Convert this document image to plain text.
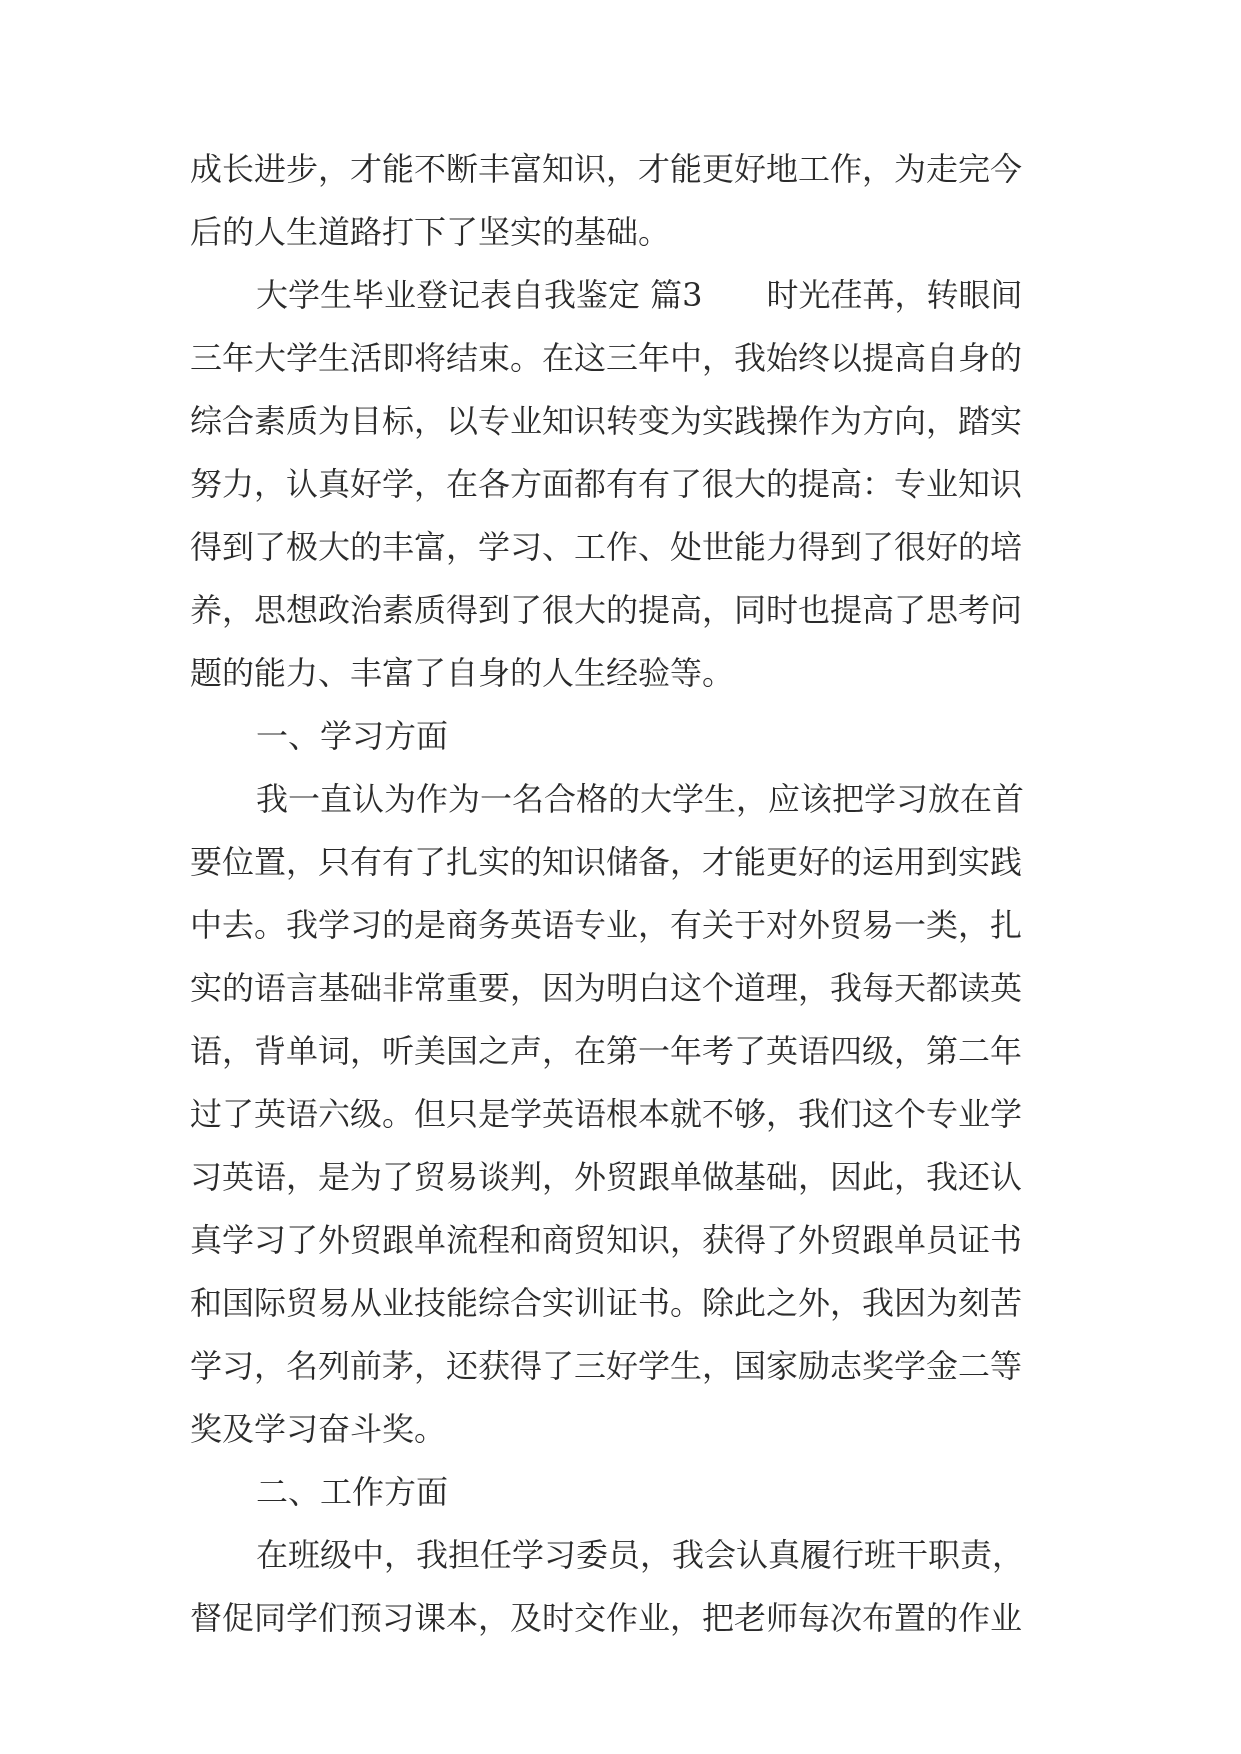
成长进步，才能不断丰富知识，才能更好地工作，为走完今
后的人生道路打下了坚实的基础。
大学生毕业登记表自我鉴定 篇3 时光荏苒，转眼间
三年大学生活即将结束。在这三年中，我始终以提高自身的
综合素质为目标，以专业知识转变为实践操作为方向，踏实
努力，认真好学，在各方面都有有了很大的提高：专业知识
得到了极大的丰富，学习、工作、处世能力得到了很好的培
养，思想政治素质得到了很大的提高，同时也提高了思考问
题的能力、丰富了自身的人生经验等。
一、学习方面
我一直认为作为一名合格的大学生，应该把学习放在首
要位置，只有有了扎实的知识储备，才能更好的运用到实践
中去。我学习的是商务英语专业，有关于对外贸易一类，扎
实的语言基础非常重要，因为明白这个道理，我每天都读英
语，背单词，听美国之声，在第一年考了英语四级，第二年
过了英语六级。但只是学英语根本就不够，我们这个专业学
习英语，是为了贸易谈判，外贸跟单做基础，因此，我还认
真学习了外贸跟单流程和商贸知识，获得了外贸跟单员证书
和国际贸易从业技能综合实训证书。除此之外，我因为刻苦
学习，名列前茅，还获得了三好学生，国家励志奖学金二等
奖及学习奋斗奖。
二、工作方面
在班级中，我担任学习委员，我会认真履行班干职责，
督促同学们预习课本，及时交作业，把老师每次布置的作业
